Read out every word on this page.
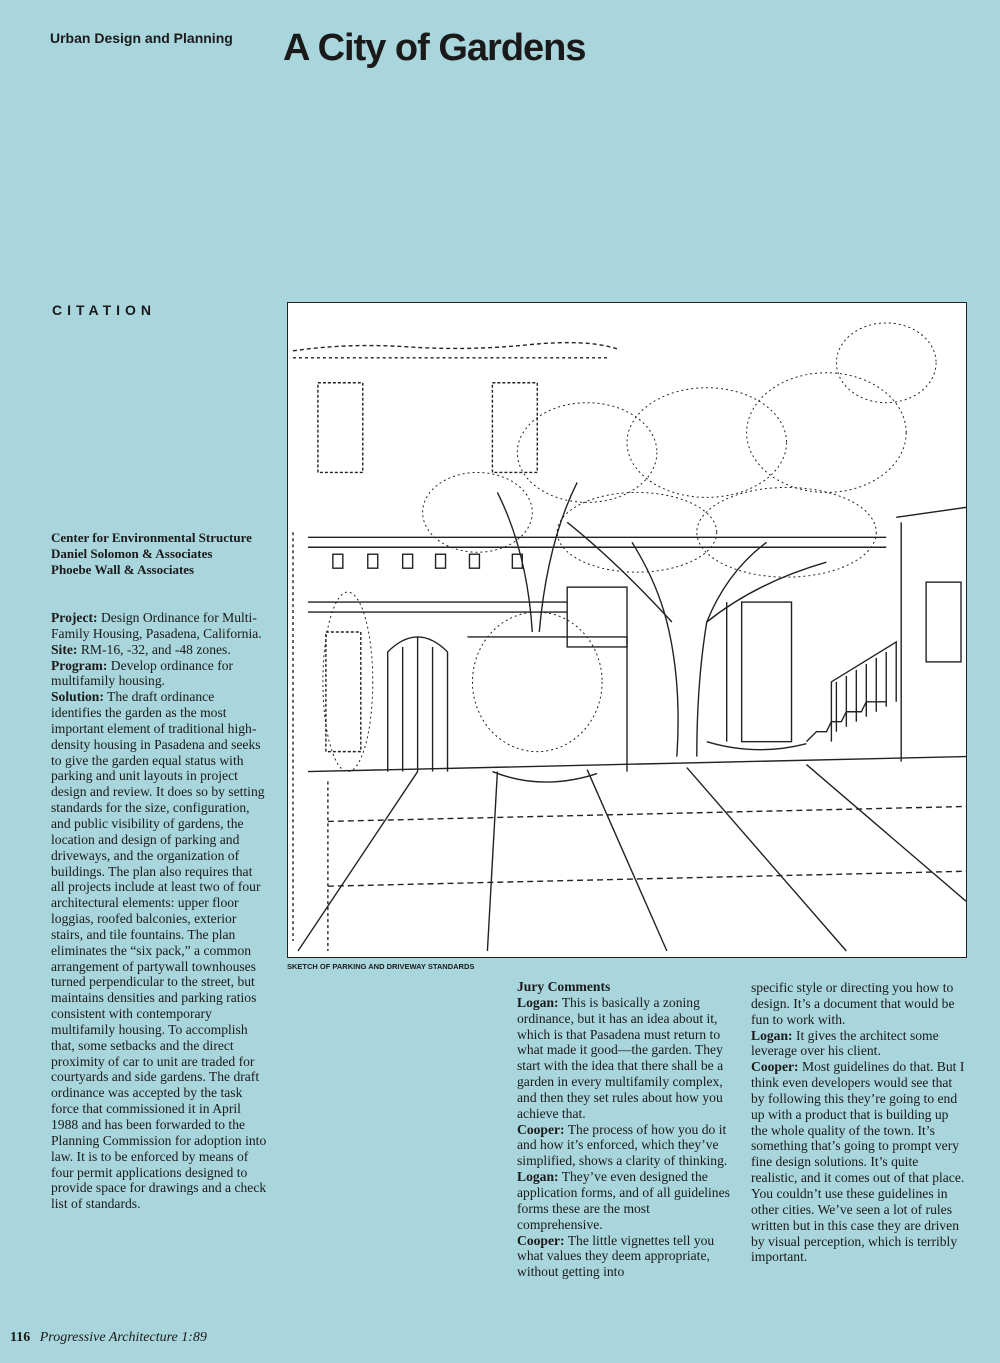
Urban Design and Planning A City of Gardens
CITATION
Center for Environmental Structure
Daniel Solomon & Associates
Phoebe Wall & Associates

Project: Design Ordinance for Multi-Family Housing, Pasadena, California.

Site: RM-16, -32, and -48 zones.

Program: Develop ordinance for multifamily housing.

Solution: The draft ordinance identifies the garden as the most important element of traditional high-density housing in Pasadena and seeks to give the garden equal status with parking and unit layouts in project design and review. It does so by setting standards for the size, configuration, and public visibility of gardens, the location and design of parking and driveways, and the organization of buildings. The plan also requires that all projects include at least two of four architectural elements: upper floor loggias, roofed balconies, exterior stairs, and tile fountains. The plan eliminates the “six pack,” a common arrangement of partywall townhouses turned perpendicular to the street, but maintains densities and parking ratios consistent with contemporary multifamily housing. To accomplish that, some setbacks and the direct proximity of car to unit are traded for courtyards and side gardens. The draft ordinance was accepted by the task force that commissioned it in April 1988 and has been forwarded to the Planning Commission for adoption into law. It is to be enforced by means of four permit applications designed to provide space for drawings and a check list of standards.

SKETCH OF PARKING AND DRIVEWAY STANDARDS

Jury Comments

Logan: This is basically a zoning ordinance, but it has an idea about it, which is that Pasadena must return to what made it good—the garden. They start with the idea that there shall be a garden in every multifamily complex, and then they set rules about how you achieve that.

Cooper: The process of how you do it and how it’s enforced, which they’ve simplified, shows a clarity of thinking.

Logan: They’ve even designed the application forms, and of all guidelines forms these are the most comprehensive.

Cooper: The little vignettes tell you what values they deem appropriate, without getting into

specific style or directing you how to design. It’s a document that would be fun to work with.

Logan: It gives the architect some leverage over his client.

Cooper: Most guidelines do that. But I think even developers would see that by following this they’re going to end up with a product that is building up the whole quality of the town. It’s something that’s going to prompt very fine design solutions. It’s quite realistic, and it comes out of that place. You couldn’t use these guidelines in other cities. We’ve seen a lot of rules written but in this case they are driven by visual perception, which is terribly important.

116 Progressive Architecture 1:89
